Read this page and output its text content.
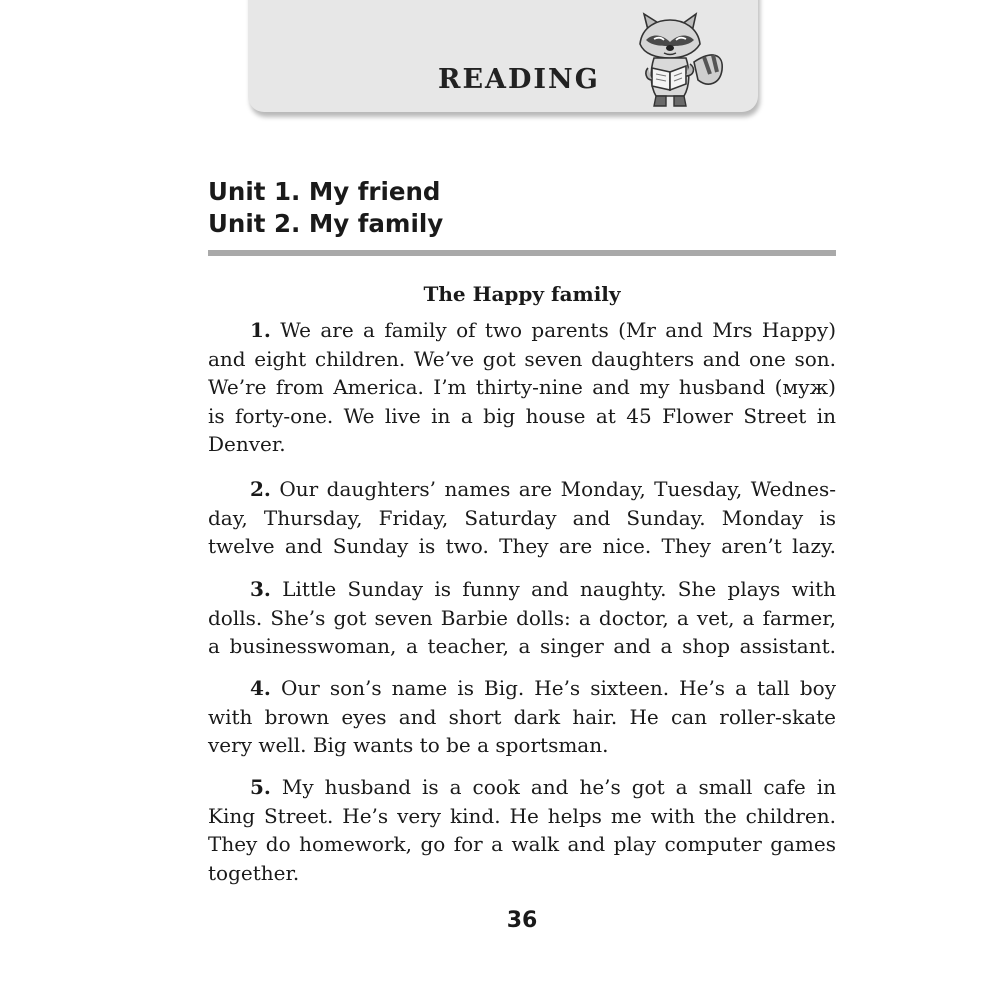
READING
Unit 1. My friend
Unit 2. My family
The Happy family
1. We are a family of two parents (Mr and Mrs Happy)
and eight children. We’ve got seven daughters and one son.
We’re from America. I’m thirty-nine and my husband (муж)
is forty-one. We live in a big house at 45 Flower Street in
Denver.
2. Our daughters’ names are Monday, Tuesday, Wednes-
day, Thursday, Friday, Saturday and Sunday. Monday is
twelve and Sunday is two. They are nice. They aren’t lazy.
3. Little Sunday is funny and naughty. She plays with
dolls. She’s got seven Barbie dolls: a doctor, a vet, a farmer,
a businesswoman, a teacher, a singer and a shop assistant.
4. Our son’s name is Big. He’s sixteen. He’s a tall boy
with brown eyes and short dark hair. He can roller-skate
very well. Big wants to be a sportsman.
5. My husband is a cook and he’s got a small cafe in
King Street. He’s very kind. He helps me with the children.
They do homework, go for a walk and play computer games
together.
36
